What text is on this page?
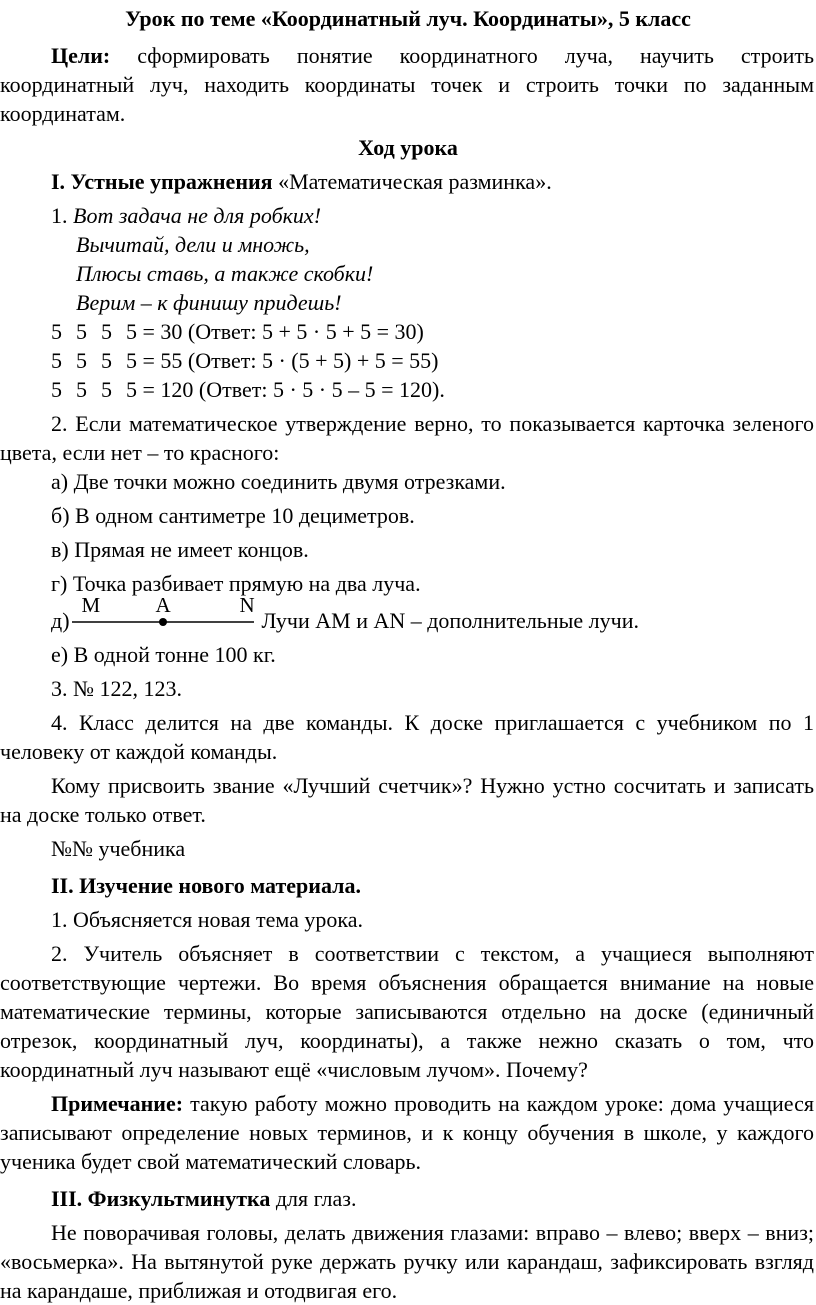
Урок по теме «Координатный луч. Координаты», 5 класс

Цели: сформировать понятие координатного луча, научить строить координатный луч, находить координаты точек и строить точки по заданным координатам.

Ход урока

I. Устные упражнения «Математическая разминка».

1. Вот задача не для робких!

Вычитай, дели и множь,

Плюсы ставь, а также скобки!

Верим – к финишу придешь!

5 5 5 5 = 30 (Ответ: 5 + 5 · 5 + 5 = 30)

5 5 5 5 = 55 (Ответ: 5 · (5 + 5) + 5 = 55)

5 5 5 5 = 120 (Ответ: 5 · 5 · 5 – 5 = 120).

2. Если математическое утверждение верно, то показывается карточка зеленого цвета, если нет – то красного:

а) Две точки можно соединить двумя отрезками.

б) В одном сантиметре 10 дециметров.

в) Прямая не имеет концов.

г) Точка разбивает прямую на два луча.

д)
M	A	N
Лучи AM и AN – дополнительные лучи.

е) В одной тонне 100 кг.

3. № 122, 123.

4. Класс делится на две команды. К доске приглашается с учебником по 1 человеку от каждой команды.

Кому присвоить звание «Лучший счетчик»? Нужно устно сосчитать и записать на доске только ответ.

№№ учебника

II. Изучение нового материала.

1. Объясняется новая тема урока.

2. Учитель объясняет в соответствии с текстом, а учащиеся выполняют соответствующие чертежи. Во время объяснения обращается внимание на новые математические термины, которые записываются отдельно на доске (единичный отрезок, координатный луч, координаты), а также нежно сказать о том, что координатный луч называют ещё «числовым лучом». Почему?

Примечание: такую работу можно проводить на каждом уроке: дома учащиеся записывают определение новых терминов, и к концу обучения в школе, у каждого ученика будет свой математический словарь.

III. Физкультминутка для глаз.

Не поворачивая головы, делать движения глазами: вправо – влево; вверх – вниз; «восьмерка». На вытянутой руке держать ручку или карандаш, зафиксировать взгляд на карандаше, приближая и отодвигая его.
